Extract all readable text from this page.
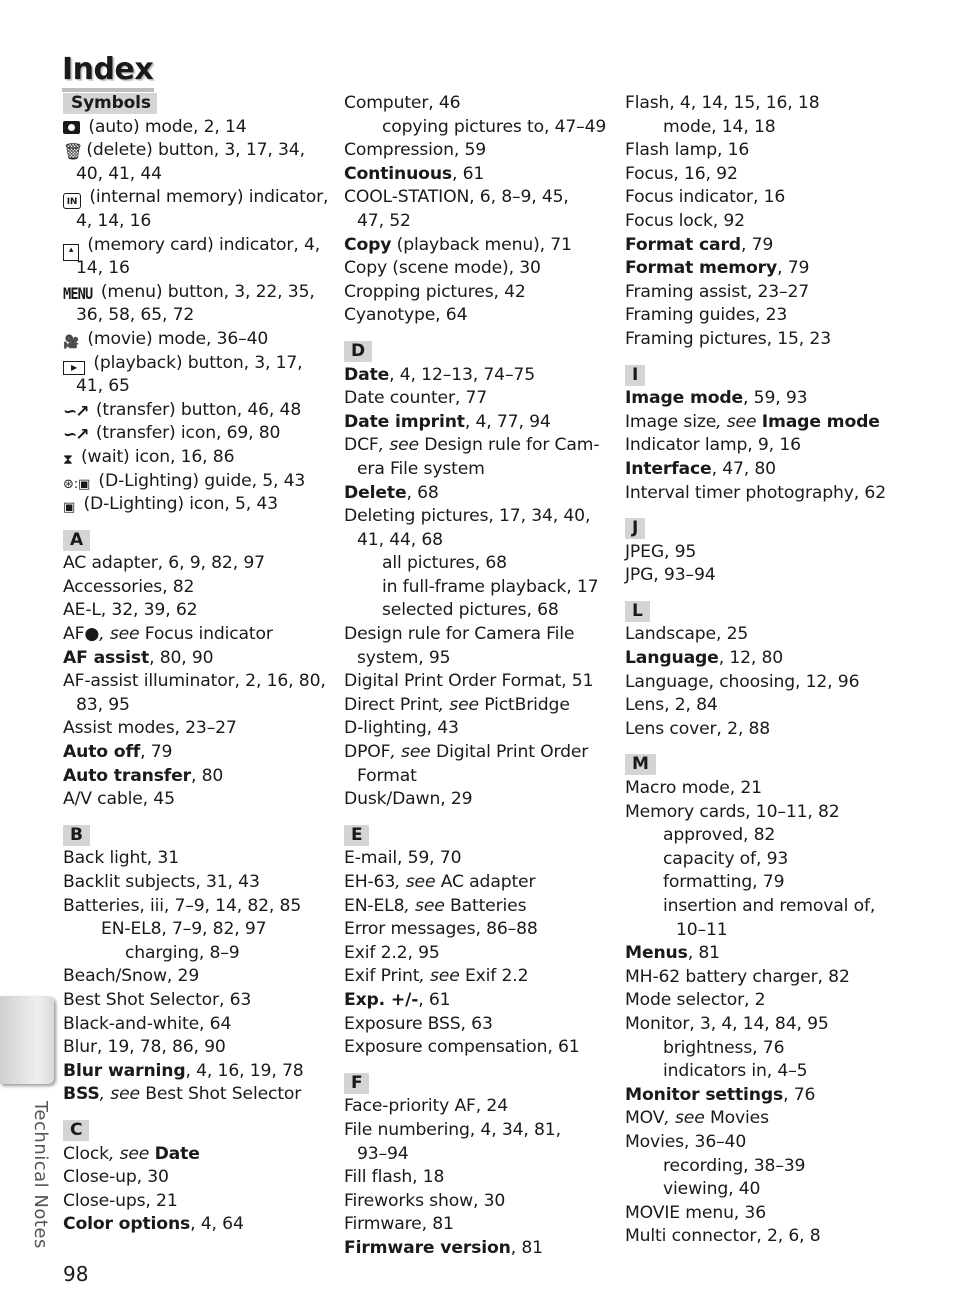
Index
Symbols
(auto) mode, 2, 14
🗑 (delete) button, 3, 17, 34,
40, 41, 44
IN (internal memory) indicator,
4, 14, 16
▴ (memory card) indicator, 4,
14, 16
MENU (menu) button, 3, 22, 35,
36, 58, 65, 72
🎥 (movie) mode, 36–40
▶ (playback) button, 3, 17,
41, 65
∽↗ (transfer) button, 46, 48
∽↗ (transfer) icon, 69, 80
⧗ (wait) icon, 16, 86
⊛:▣ (D-Lighting) guide, 5, 43
▣ (D-Lighting) icon, 5, 43
A
AC adapter, 6, 9, 82, 97
Accessories, 82
AE-L, 32, 39, 62
AF●, see Focus indicator
AF assist, 80, 90
AF-assist illuminator, 2, 16, 80,
83, 95
Assist modes, 23–27
Auto off, 79
Auto transfer, 80
A/V cable, 45
B
Back light, 31
Backlit subjects, 31, 43
Batteries, iii, 7–9, 14, 82, 85
EN-EL8, 7–9, 82, 97
charging, 8–9
Beach/Snow, 29
Best Shot Selector, 63
Black-and-white, 64
Blur, 19, 78, 86, 90
Blur warning, 4, 16, 19, 78
BSS, see Best Shot Selector
C
Clock, see Date
Close-up, 30
Close-ups, 21
Color options, 4, 64
Computer, 46
copying pictures to, 47–49
Compression, 59
Continuous, 61
COOL-STATION, 6, 8–9, 45,
47, 52
Copy (playback menu), 71
Copy (scene mode), 30
Cropping pictures, 42
Cyanotype, 64
D
Date, 4, 12–13, 74–75
Date counter, 77
Date imprint, 4, 77, 94
DCF, see Design rule for Cam-
era File system
Delete, 68
Deleting pictures, 17, 34, 40,
41, 44, 68
all pictures, 68
in full-frame playback, 17
selected pictures, 68
Design rule for Camera File
system, 95
Digital Print Order Format, 51
Direct Print, see PictBridge
D-lighting, 43
DPOF, see Digital Print Order
Format
Dusk/Dawn, 29
E
E-mail, 59, 70
EH-63, see AC adapter
EN-EL8, see Batteries
Error messages, 86–88
Exif 2.2, 95
Exif Print, see Exif 2.2
Exp. +/-, 61
Exposure BSS, 63
Exposure compensation, 61
F
Face-priority AF, 24
File numbering, 4, 34, 81,
93–94
Fill flash, 18
Fireworks show, 30
Firmware, 81
Firmware version, 81
Flash, 4, 14, 15, 16, 18
mode, 14, 18
Flash lamp, 16
Focus, 16, 92
Focus indicator, 16
Focus lock, 92
Format card, 79
Format memory, 79
Framing assist, 23–27
Framing guides, 23
Framing pictures, 15, 23
I
Image mode, 59, 93
Image size, see Image mode
Indicator lamp, 9, 16
Interface, 47, 80
Interval timer photography, 62
J
JPEG, 95
JPG, 93–94
L
Landscape, 25
Language, 12, 80
Language, choosing, 12, 96
Lens, 2, 84
Lens cover, 2, 88
M
Macro mode, 21
Memory cards, 10–11, 82
approved, 82
capacity of, 93
formatting, 79
insertion and removal of,
10–11
Menus, 81
MH-62 battery charger, 82
Mode selector, 2
Monitor, 3, 4, 14, 84, 95
brightness, 76
indicators in, 4–5
Monitor settings, 76
MOV, see Movies
Movies, 36–40
recording, 38–39
viewing, 40
MOVIE menu, 36
Multi connector, 2, 6, 8
Technical Notes
98
